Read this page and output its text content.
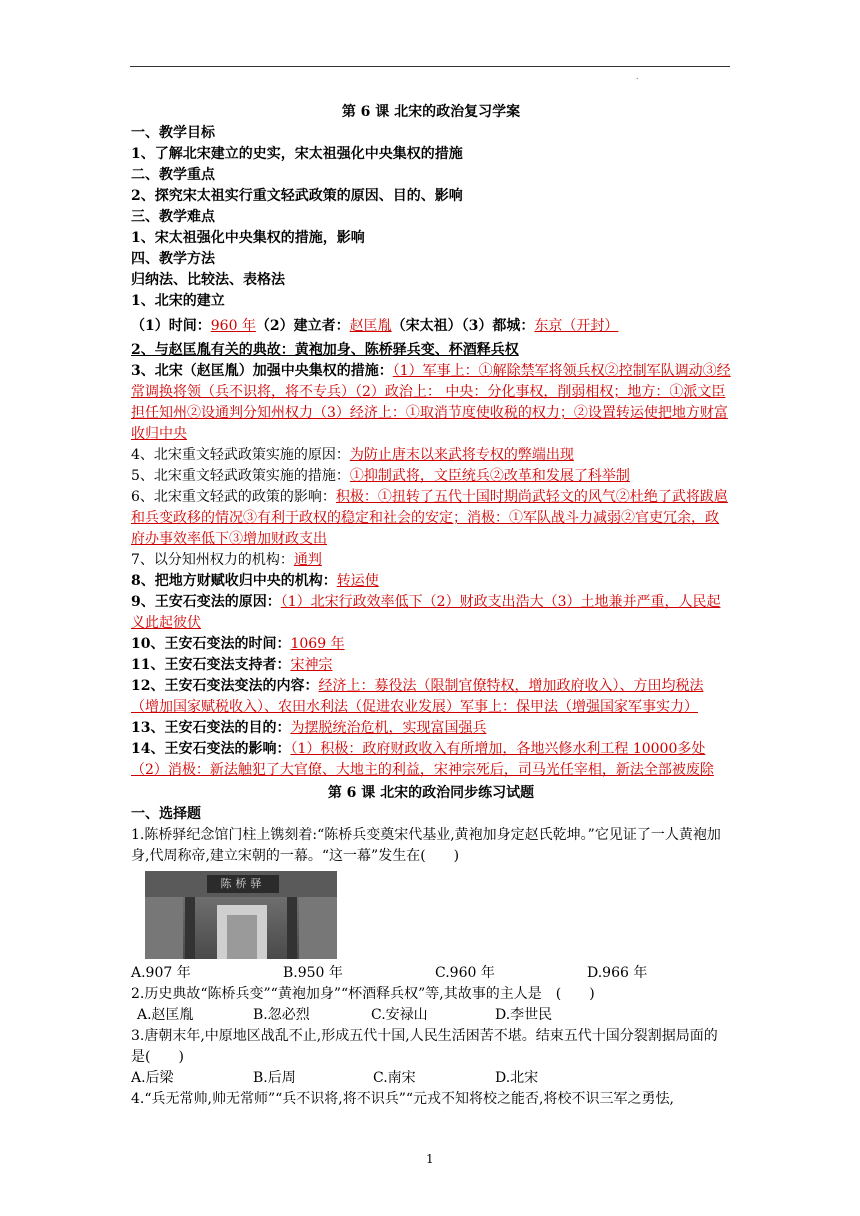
.

第 6 课 北宋的政治复习学案

一、教学目标

1、了解北宋建立的史实，宋太祖强化中央集权的措施

二、教学重点

2、探究宋太祖实行重文轻武政策的原因、目的、影响

三、教学难点

1、宋太祖强化中央集权的措施，影响

四、教学方法

归纳法、比较法、表格法

1、北宋的建立

（1）时间：960 年（2）建立者：赵匡胤（宋太祖）（3）都城：东京（开封）

2、与赵匡胤有关的典故：黄袍加身、陈桥驿兵变、杯酒释兵权

3、北宋（赵匡胤）加强中央集权的措施：（1）军事上：①解除禁军将领兵权②控制军队调动③经常调换将领（兵不识将，将不专兵）（2）政治上： 中央：分化事权，削弱相权；地方：①派文臣担任知州②设通判分知州权力（3）经济上：①取消节度使收税的权力；②设置转运使把地方财富收归中央

4、北宋重文轻武政策实施的原因：为防止唐末以来武将专权的弊端出现

5、北宋重文轻武政策实施的措施：①抑制武将，文臣统兵②改革和发展了科举制

6、北宋重文轻武的政策的影响：积极：①扭转了五代十国时期尚武轻文的风气②杜绝了武将跋扈和兵变政移的情况③有利于政权的稳定和社会的安定；消极：①军队战斗力减弱②官吏冗余，政府办事效率低下③增加财政支出

7、以分知州权力的机构：通判

8、把地方财赋收归中央的机构：转运使

9、王安石变法的原因：（1）北宋行政效率低下（2）财政支出浩大（3）土地兼并严重，人民起义此起彼伏

10、王安石变法的时间：1069 年

11、王安石变法支持者：宋神宗

12、王安石变法变法的内容：经济上：募役法（限制官僚特权，增加政府收入）、方田均税法（增加国家赋税收入）、农田水利法（促进农业发展）军事上：保甲法（增强国家军事实力）

13、王安石变法的目的：为摆脱统治危机，实现富国强兵

14、王安石变法的影响：（1）积极：政府财政收入有所增加，各地兴修水利工程 10000多处（2）消极：新法触犯了大官僚、大地主的利益，宋神宗死后，司马光任宰相，新法全部被废除

第 6 课 北宋的政治同步练习试题

一、选择题

1.陈桥驿纪念馆门柱上镌刻着:“陈桥兵变奠宋代基业,黄袍加身定赵氏乾坤。”它见证了一人黄袍加身,代周称帝,建立宋朝的一幕。“这一幕”发生在(　　)

陈桥驿

A.907 年	B.950 年	C.960 年	D.966 年

2.历史典故“陈桥兵变”“黄袍加身”“杯酒释兵权”等,其故事的主人是　(　　)

A.赵匡胤	B.忽必烈	C.安禄山	D.李世民

3.唐朝末年,中原地区战乱不止,形成五代十国,人民生活困苦不堪。结束五代十国分裂割据局面的是(　　)

A.后梁	B.后周	C.南宋	D.北宋

4.“兵无常帅,帅无常师”“兵不识将,将不识兵”“元戎不知将校之能否,将校不识三军之勇怯,

1
